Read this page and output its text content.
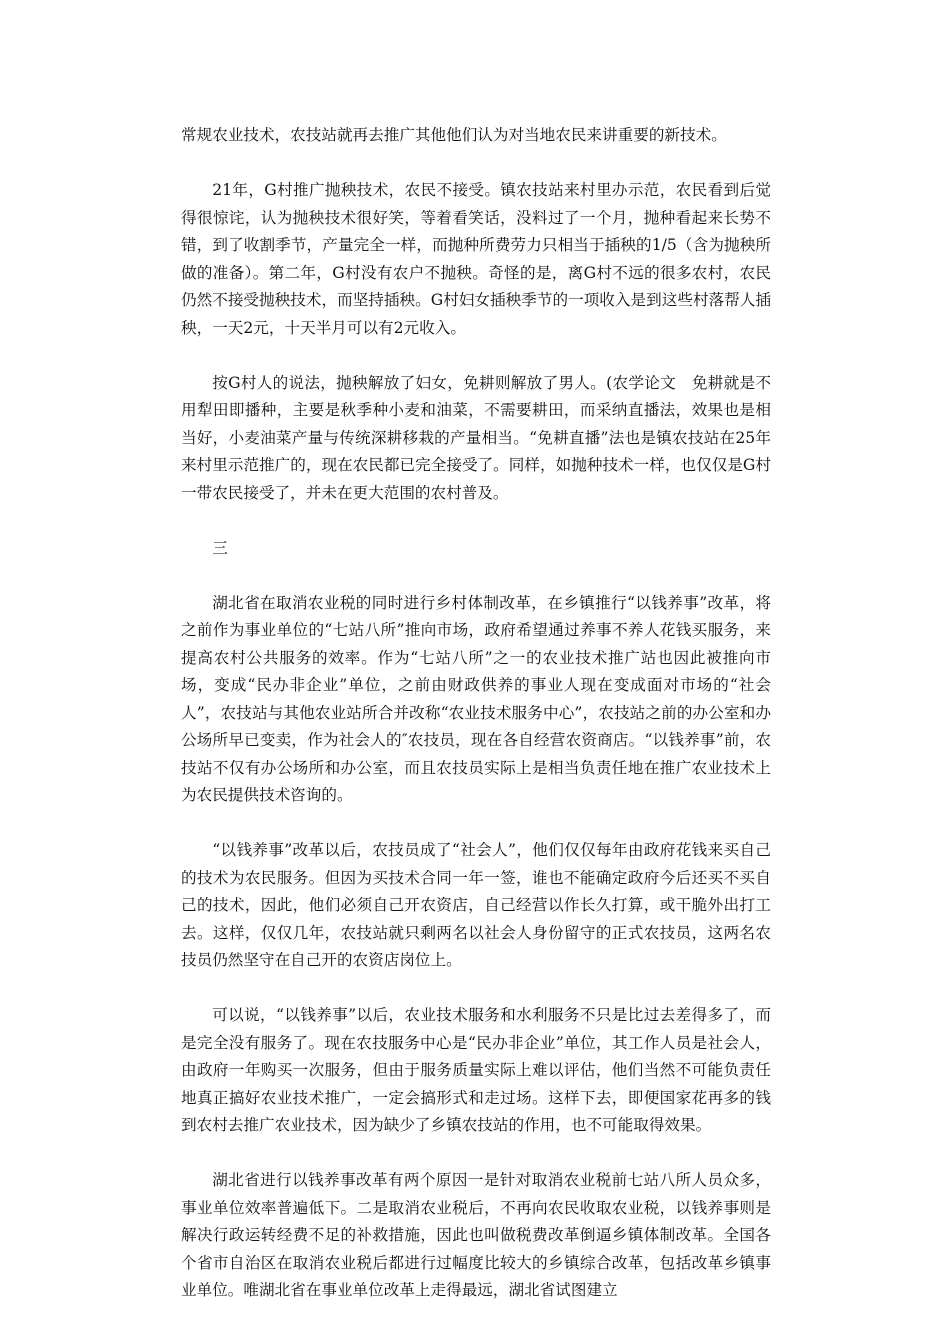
常规农业技术，农技站就再去推广其他他们认为对当地农民来讲重要的新技术。

21年，G村推广抛秧技术，农民不接受。镇农技站来村里办示范，农民看到后觉得很惊诧，认为抛秧技术很好笑，等着看笑话，没料过了一个月，抛种看起来长势不错，到了收割季节，产量完全一样，而抛种所费劳力只相当于插秧的1/5（含为抛秧所做的准备）。第二年，G村没有农户不抛秧。奇怪的是，离G村不远的很多农村，农民仍然不接受抛秧技术，而坚持插秧。G村妇女插秧季节的一项收入是到这些村落帮人插秧，一天2元，十天半月可以有2元收入。

按G村人的说法，抛秧解放了妇女，免耕则解放了男人。(农学论文　免耕就是不用犁田即播种，主要是秋季种小麦和油菜，不需要耕田，而采纳直播法，效果也是相当好，小麦油菜产量与传统深耕移栽的产量相当。“免耕直播”法也是镇农技站在25年来村里示范推广的，现在农民都已完全接受了。同样，如抛种技术一样，也仅仅是G村一带农民接受了，并未在更大范围的农村普及。

三

湖北省在取消农业税的同时进行乡村体制改革，在乡镇推行“以钱养事”改革，将之前作为事业单位的“七站八所”推向市场，政府希望通过养事不养人花钱买服务，来提高农村公共服务的效率。作为“七站八所”之一的农业技术推广站也因此被推向市场，变成“民办非企业”单位，之前由财政供养的事业人现在变成面对市场的“社会人”，农技站与其他农业站所合并改称“农业技术服务中心”，农技站之前的办公室和办公场所早已变卖，作为社会人的″农技员，现在各自经营农资商店。“以钱养事”前，农技站不仅有办公场所和办公室，而且农技员实际上是相当负责任地在推广农业技术上为农民提供技术咨询的。

“以钱养事”改革以后，农技员成了“社会人”，他们仅仅每年由政府花钱来买自己的技术为农民服务。但因为买技术合同一年一签，谁也不能确定政府今后还买不买自己的技术，因此，他们必须自己开农资店，自己经营以作长久打算，或干脆外出打工去。这样，仅仅几年，农技站就只剩两名以社会人身份留守的正式农技员，这两名农技员仍然坚守在自己开的农资店岗位上。

可以说，“以钱养事”以后，农业技术服务和水利服务不只是比过去差得多了，而是完全没有服务了。现在农技服务中心是“民办非企业”单位，其工作人员是社会人，由政府一年购买一次服务，但由于服务质量实际上难以评估，他们当然不可能负责任地真正搞好农业技术推广，一定会搞形式和走过场。这样下去，即便国家花再多的钱到农村去推广农业技术，因为缺少了乡镇农技站的作用，也不可能取得效果。

湖北省进行以钱养事改革有两个原因一是针对取消农业税前七站八所人员众多，事业单位效率普遍低下。二是取消农业税后，不再向农民收取农业税，以钱养事则是解决行政运转经费不足的补救措施，因此也叫做税费改革倒逼乡镇体制改革。全国各个省市自治区在取消农业税后都进行过幅度比较大的乡镇综合改革，包括改革乡镇事业单位。唯湖北省在事业单位改革上走得最远，湖北省试图建立
